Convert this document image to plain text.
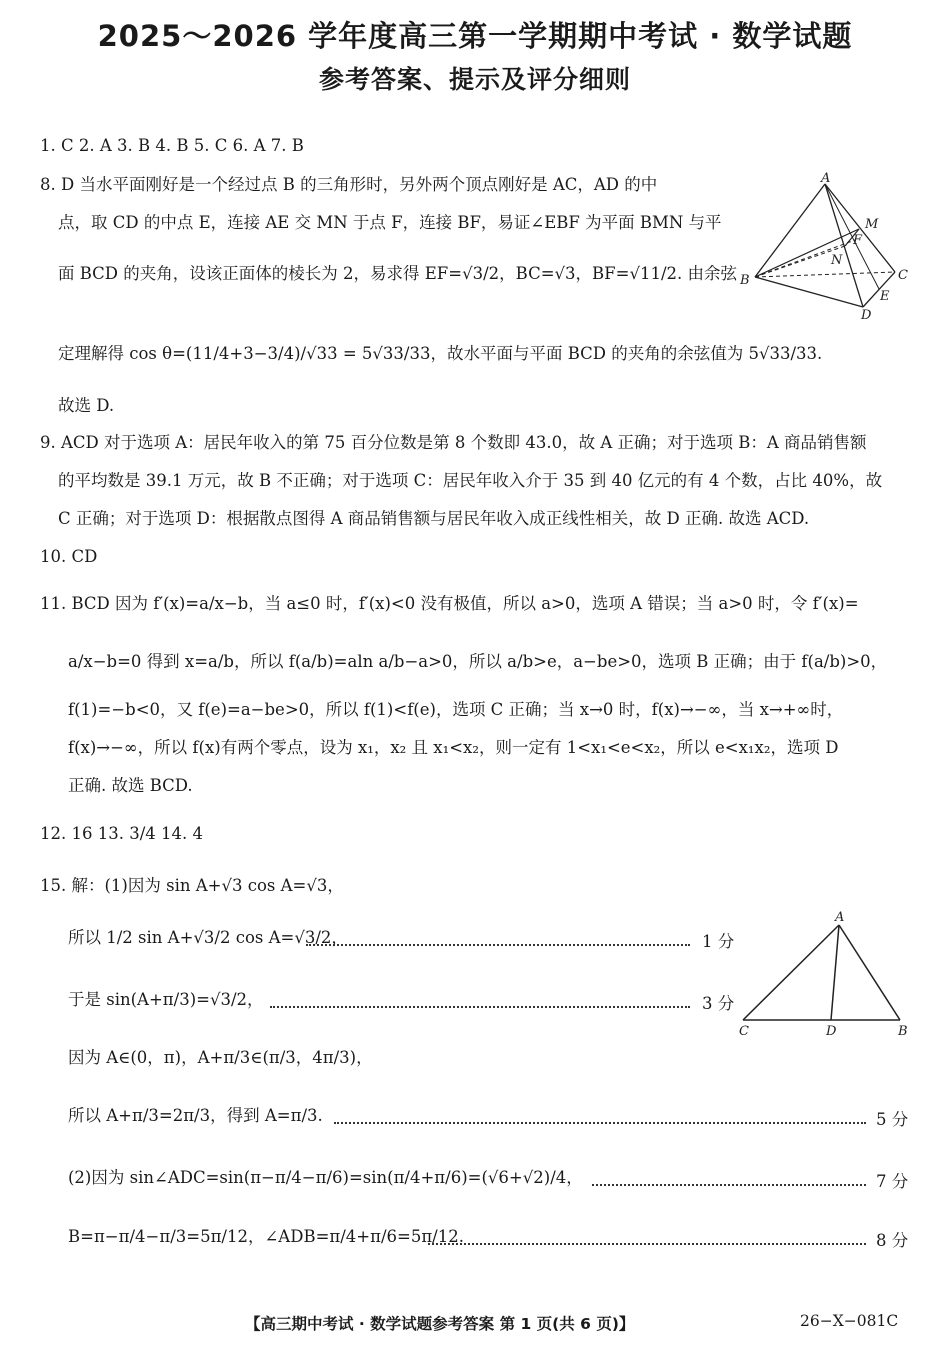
2025～2026 学年度高三第一学期期中考试 · 数学试题
参考答案、提示及评分细则
1. C 2. A 3. B 4. B 5. C 6. A 7. B
8. D 当水平面刚好是一个经过点 B 的三角形时，另外两个顶点刚好是 AC，AD 的中
点，取 CD 的中点 E，连接 AE 交 MN 于点 F，连接 BF，易证∠EBF 为平面 BMN 与平
面 BCD 的夹角，设该正面体的棱长为 2，易求得 EF=√3/2，BC=√3，BF=√11/2. 由余弦
定理解得 cos θ=(11/4+3−3/4)/√33 = 5√33/33，故水平面与平面 BCD 的夹角的余弦值为 5√33/33.
故选 D.
A
M
F
N
B	C
E
D
9. ACD 对于选项 A：居民年收入的第 75 百分位数是第 8 个数即 43.0，故 A 正确；对于选项 B：A 商品销售额
的平均数是 39.1 万元，故 B 不正确；对于选项 C：居民年收入介于 35 到 40 亿元的有 4 个数，占比 40%，故
C 正确；对于选项 D：根据散点图得 A 商品销售额与居民年收入成正线性相关，故 D 正确. 故选 ACD.
10. CD
11. BCD 因为 f′(x)=a/x−b，当 a≤0 时，f′(x)<0 没有极值，所以 a>0，选项 A 错误；当 a>0 时，令 f′(x)=
a/x−b=0 得到 x=a/b，所以 f(a/b)=aln a/b−a>0，所以 a/b>e，a−be>0，选项 B 正确；由于 f(a/b)>0，
f(1)=−b<0，又 f(e)=a−be>0，所以 f(1)<f(e)，选项 C 正确；当 x→0 时，f(x)→−∞，当 x→+∞时，
f(x)→−∞，所以 f(x)有两个零点，设为 x₁，x₂ 且 x₁<x₂，则一定有 1<x₁<e<x₂，所以 e<x₁x₂，选项 D
正确. 故选 BCD.
12. 16 13. 3/4 14. 4
15. 解：(1)因为 sin A+√3 cos A=√3，
所以 1/2 sin A+√3/2 cos A=√3/2，	1 分
于是 sin(A+π/3)=√3/2，	3 分
因为 A∈(0，π)，A+π/3∈(π/3，4π/3)，
所以 A+π/3=2π/3，得到 A=π/3.	5 分
(2)因为 sin∠ADC=sin(π−π/4−π/6)=sin(π/4+π/6)=(√6+√2)/4，	7 分
B=π−π/4−π/3=5π/12，∠ADB=π/4+π/6=5π/12.	8 分
A
C	D	B
【高三期中考试 · 数学试题参考答案 第 1 页(共 6 页)】	26−X−081C
